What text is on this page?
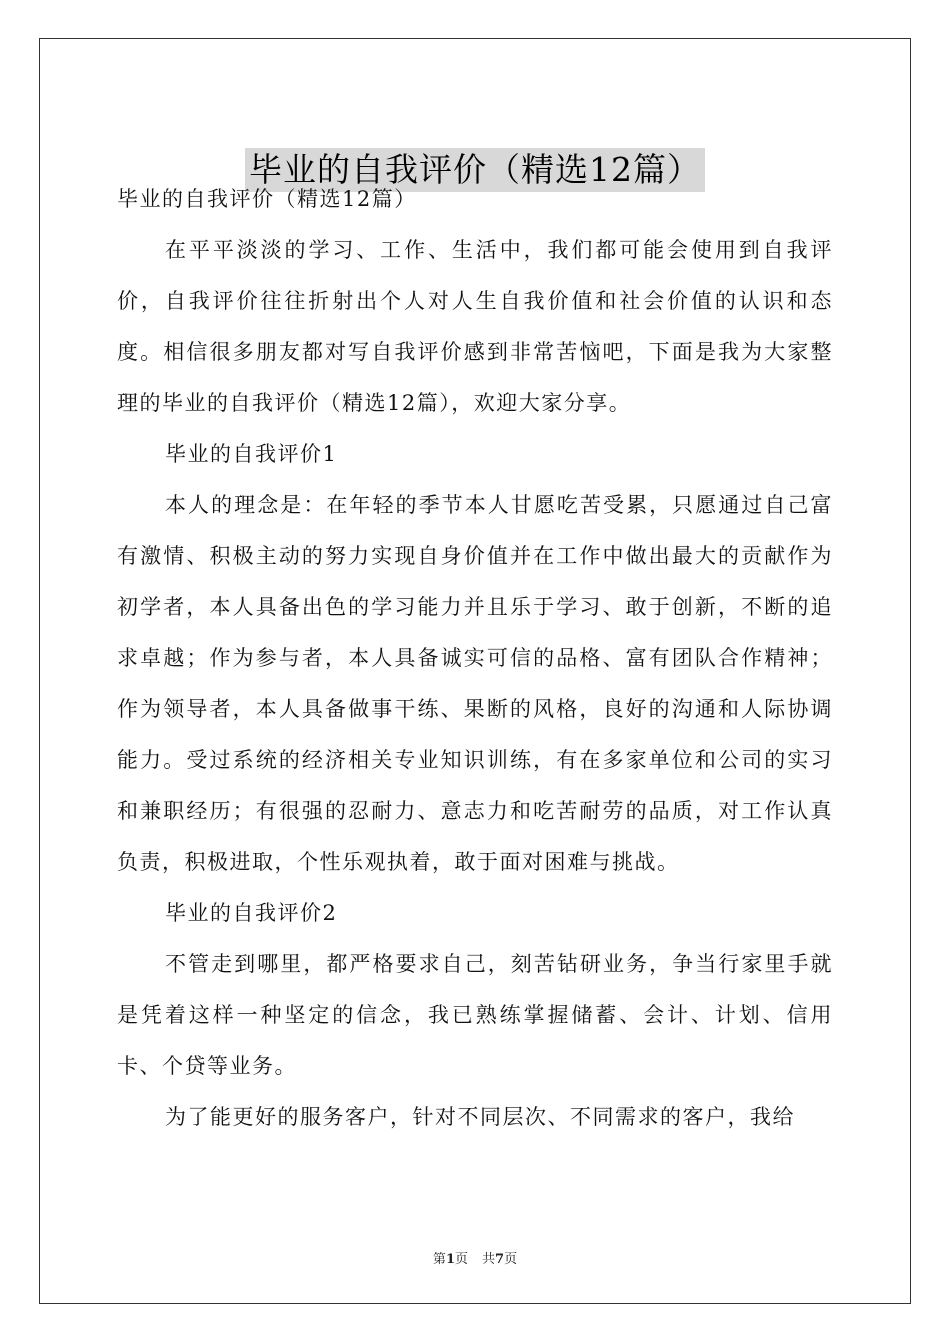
毕业的自我评价（精选12篇）

毕业的自我评价（精选12篇）

在平平淡淡的学习、工作、生活中，我们都可能会使用到自我评价，自我评价往往折射出个人对人生自我价值和社会价值的认识和态度。相信很多朋友都对写自我评价感到非常苦恼吧，下面是我为大家整理的毕业的自我评价（精选12篇），欢迎大家分享。

毕业的自我评价1

本人的理念是：在年轻的季节本人甘愿吃苦受累，只愿通过自己富有激情、积极主动的努力实现自身价值并在工作中做出最大的贡献作为初学者，本人具备出色的学习能力并且乐于学习、敢于创新，不断的追求卓越；作为参与者，本人具备诚实可信的品格、富有团队合作精神；作为领导者，本人具备做事干练、果断的风格，良好的沟通和人际协调能力。受过系统的经济相关专业知识训练，有在多家单位和公司的实习和兼职经历；有很强的忍耐力、意志力和吃苦耐劳的品质，对工作认真负责，积极进取，个性乐观执着，敢于面对困难与挑战。

毕业的自我评价2

不管走到哪里，都严格要求自己，刻苦钻研业务，争当行家里手就是凭着这样一种坚定的信念，我已熟练掌握储蓄、会计、计划、信用卡、个贷等业务。

为了能更好的服务客户，针对不同层次、不同需求的客户，我给

第1页 共7页
